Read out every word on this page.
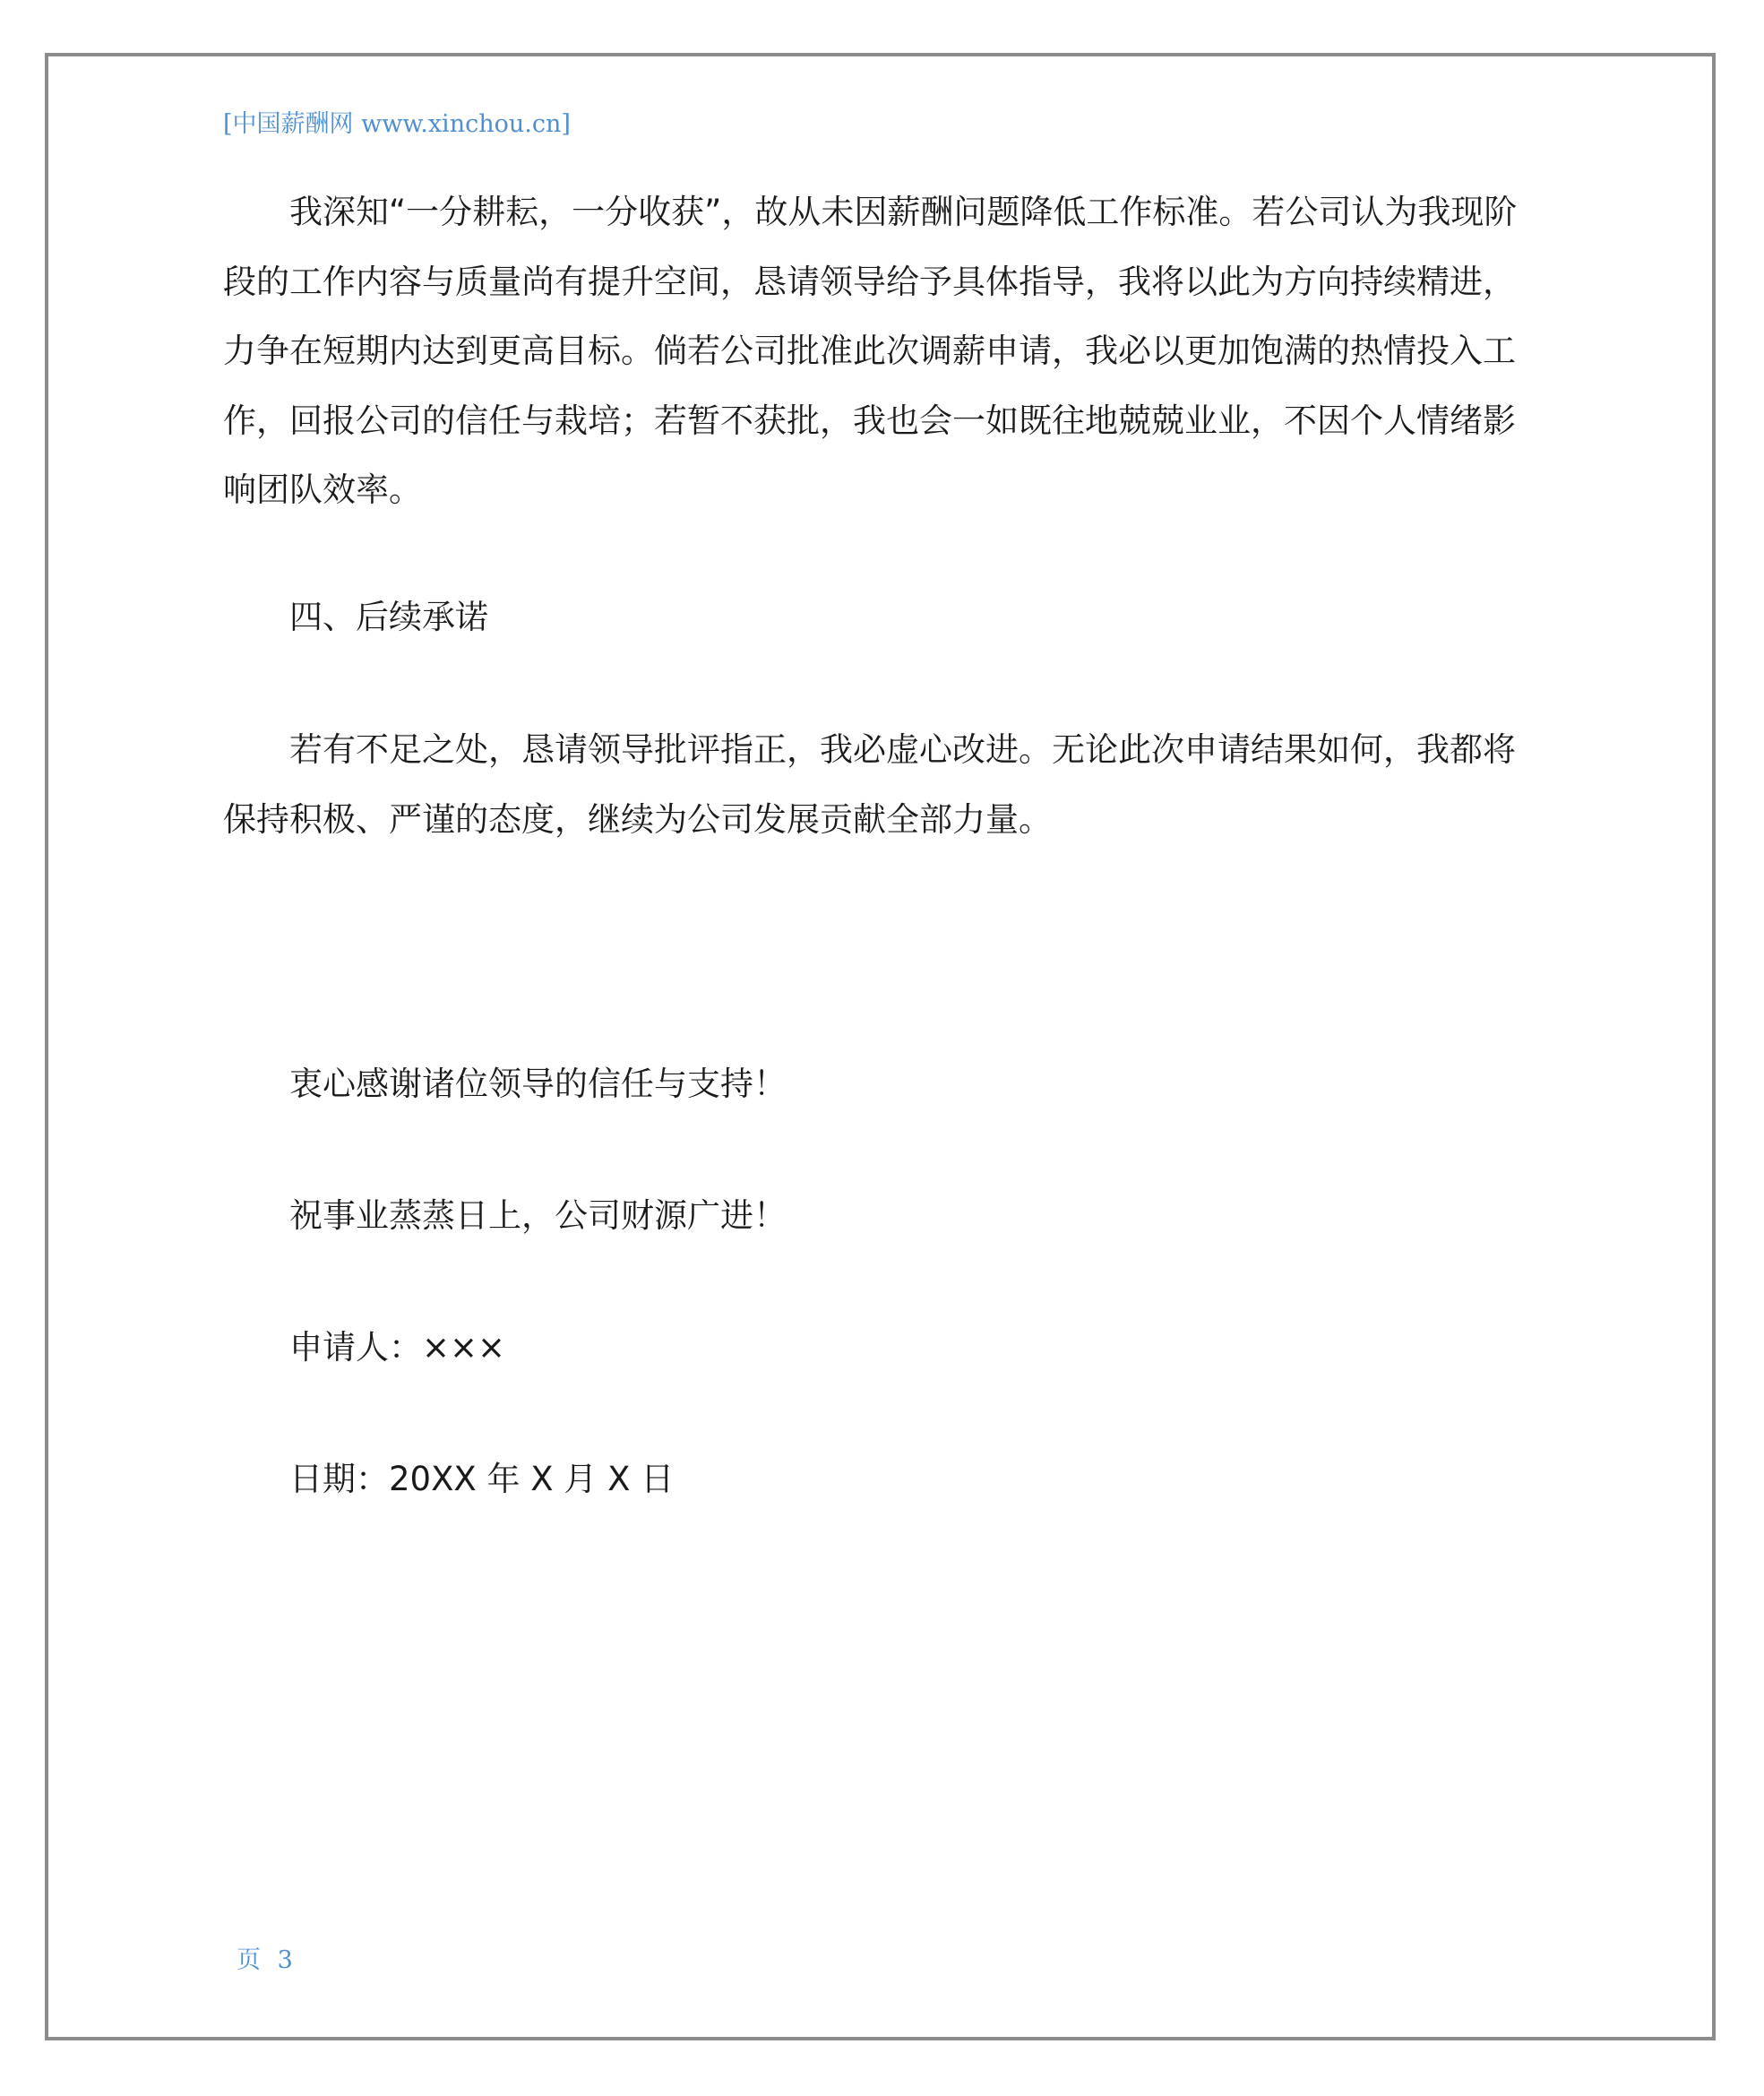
[中国薪酬网 www.xinchou.cn]
我深知“一分耕耘，一分收获”，故从未因薪酬问题降低工作标准。若公司认为我现阶
段的工作内容与质量尚有提升空间，恳请领导给予具体指导，我将以此为方向持续精进，
力争在短期内达到更高目标。倘若公司批准此次调薪申请，我必以更加饱满的热情投入工
作，回报公司的信任与栽培；若暂不获批，我也会一如既往地兢兢业业，不因个人情绪影
响团队效率。
四、后续承诺
若有不足之处，恳请领导批评指正，我必虚心改进。无论此次申请结果如何，我都将
保持积极、严谨的态度，继续为公司发展贡献全部力量。
衷心感谢诸位领导的信任与支持！
祝事业蒸蒸日上，公司财源广进！
申请人：×××
日期：20XX 年 X 月 X 日
页 3
